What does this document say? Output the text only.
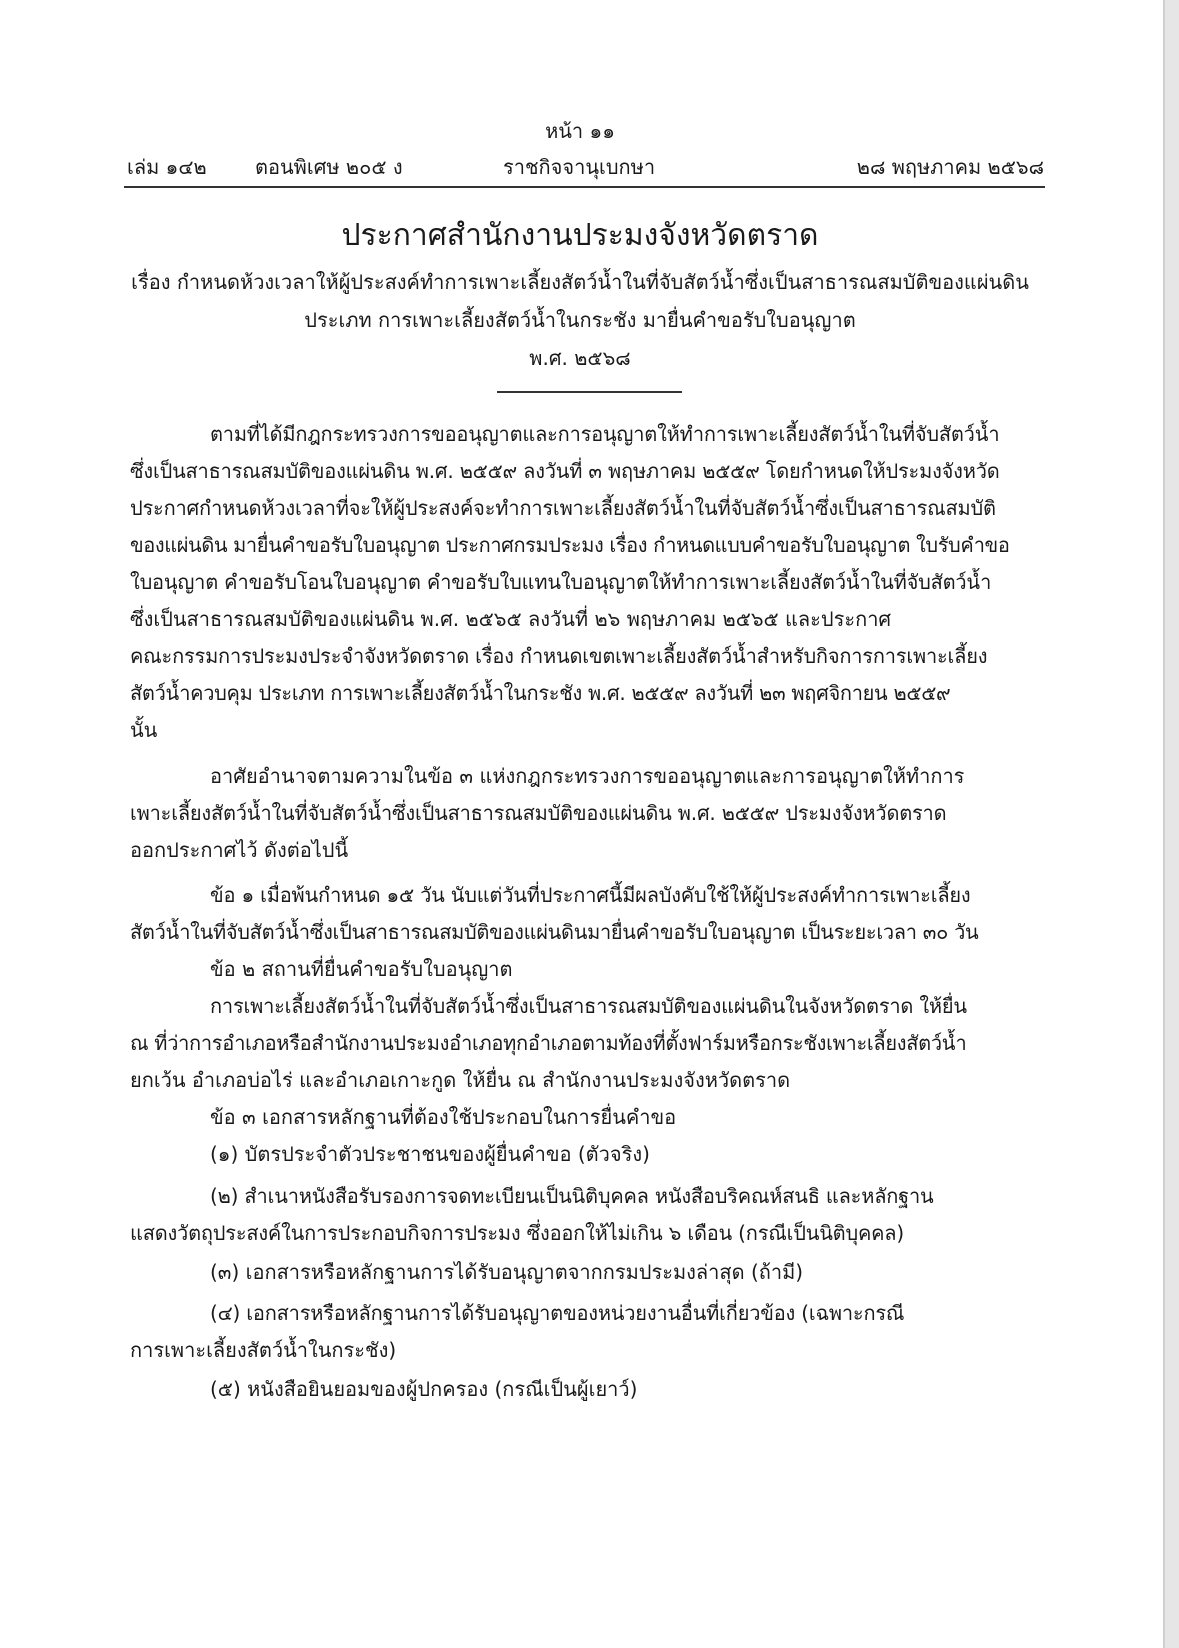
หน้า ๑๑
เล่ม ๑๔๒ ตอนพิเศษ ๒๐๕ ง	ราชกิจจานุเบกษา	๒๘ พฤษภาคม ๒๕๖๘
ประกาศสำนักงานประมงจังหวัดตราด
เรื่อง กำหนดห้วงเวลาให้ผู้ประสงค์ทำการเพาะเลี้ยงสัตว์น้ำในที่จับสัตว์น้ำซึ่งเป็นสาธารณสมบัติของแผ่นดิน
ประเภท การเพาะเลี้ยงสัตว์น้ำในกระชัง มายื่นคำขอรับใบอนุญาต
พ.ศ. ๒๕๖๘
ตามที่ได้มีกฎกระทรวงการขออนุญาตและการอนุญาตให้ทำการเพาะเลี้ยงสัตว์น้ำในที่จับสัตว์น้ำ
ซึ่งเป็นสาธารณสมบัติของแผ่นดิน พ.ศ. ๒๕๕๙ ลงวันที่ ๓ พฤษภาคม ๒๕๕๙ โดยกำหนดให้ประมงจังหวัด
ประกาศกำหนดห้วงเวลาที่จะให้ผู้ประสงค์จะทำการเพาะเลี้ยงสัตว์น้ำในที่จับสัตว์น้ำซึ่งเป็นสาธารณสมบัติ
ของแผ่นดิน มายื่นคำขอรับใบอนุญาต ประกาศกรมประมง เรื่อง กำหนดแบบคำขอรับใบอนุญาต ใบรับคำขอ
ใบอนุญาต คำขอรับโอนใบอนุญาต คำขอรับใบแทนใบอนุญาตให้ทำการเพาะเลี้ยงสัตว์น้ำในที่จับสัตว์น้ำ
ซึ่งเป็นสาธารณสมบัติของแผ่นดิน พ.ศ. ๒๕๖๕ ลงวันที่ ๒๖ พฤษภาคม ๒๕๖๕ และประกาศ
คณะกรรมการประมงประจำจังหวัดตราด เรื่อง กำหนดเขตเพาะเลี้ยงสัตว์น้ำสำหรับกิจการการเพาะเลี้ยง
สัตว์น้ำควบคุม ประเภท การเพาะเลี้ยงสัตว์น้ำในกระชัง พ.ศ. ๒๕๕๙ ลงวันที่ ๒๓ พฤศจิกายน ๒๕๕๙
นั้น
อาศัยอำนาจตามความในข้อ ๓ แห่งกฎกระทรวงการขออนุญาตและการอนุญาตให้ทำการ
เพาะเลี้ยงสัตว์น้ำในที่จับสัตว์น้ำซึ่งเป็นสาธารณสมบัติของแผ่นดิน พ.ศ. ๒๕๕๙ ประมงจังหวัดตราด
ออกประกาศไว้ ดังต่อไปนี้
ข้อ ๑ เมื่อพ้นกำหนด ๑๕ วัน นับแต่วันที่ประกาศนี้มีผลบังคับใช้ให้ผู้ประสงค์ทำการเพาะเลี้ยง
สัตว์น้ำในที่จับสัตว์น้ำซึ่งเป็นสาธารณสมบัติของแผ่นดินมายื่นคำขอรับใบอนุญาต เป็นระยะเวลา ๓๐ วัน
ข้อ ๒ สถานที่ยื่นคำขอรับใบอนุญาต
การเพาะเลี้ยงสัตว์น้ำในที่จับสัตว์น้ำซึ่งเป็นสาธารณสมบัติของแผ่นดินในจังหวัดตราด ให้ยื่น
ณ ที่ว่าการอำเภอหรือสำนักงานประมงอำเภอทุกอำเภอตามท้องที่ตั้งฟาร์มหรือกระชังเพาะเลี้ยงสัตว์น้ำ
ยกเว้น อำเภอบ่อไร่ และอำเภอเกาะกูด ให้ยื่น ณ สำนักงานประมงจังหวัดตราด
ข้อ ๓ เอกสารหลักฐานที่ต้องใช้ประกอบในการยื่นคำขอ
(๑) บัตรประจำตัวประชาชนของผู้ยื่นคำขอ (ตัวจริง)
(๒) สำเนาหนังสือรับรองการจดทะเบียนเป็นนิติบุคคล หนังสือบริคณห์สนธิ และหลักฐาน
แสดงวัตถุประสงค์ในการประกอบกิจการประมง ซึ่งออกให้ไม่เกิน ๖ เดือน (กรณีเป็นนิติบุคคล)
(๓) เอกสารหรือหลักฐานการได้รับอนุญาตจากกรมประมงล่าสุด (ถ้ามี)
(๔) เอกสารหรือหลักฐานการได้รับอนุญาตของหน่วยงานอื่นที่เกี่ยวข้อง (เฉพาะกรณี
การเพาะเลี้ยงสัตว์น้ำในกระชัง)
(๕) หนังสือยินยอมของผู้ปกครอง (กรณีเป็นผู้เยาว์)
